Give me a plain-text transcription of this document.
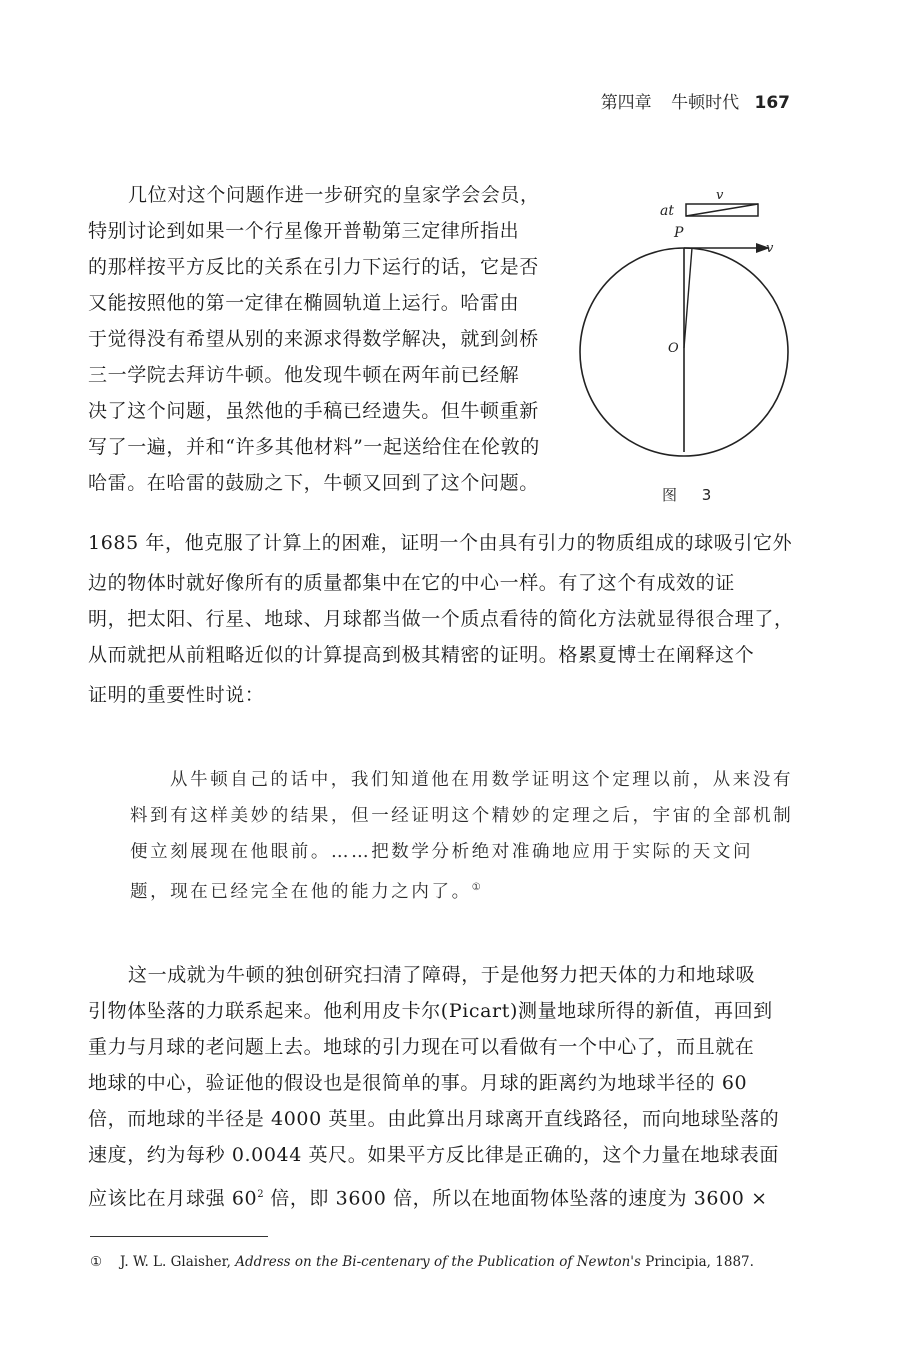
第四章 牛顿时代 167
几位对这个问题作进一步研究的皇家学会会员，
特别讨论到如果一个行星像开普勒第三定律所指出
的那样按平方反比的关系在引力下运行的话，它是否
又能按照他的第一定律在椭圆轨道上运行。哈雷由
于觉得没有希望从别的来源求得数学解决，就到剑桥
三一学院去拜访牛顿。他发现牛顿在两年前已经解
决了这个问题，虽然他的手稿已经遗失。但牛顿重新
写了一遍，并和“许多其他材料”一起送给住在伦敦的
哈雷。在哈雷的鼓励之下，牛顿又回到了这个问题。
1685 年，他克服了计算上的困难，证明一个由具有引力的物质组成的球吸引它外
边的物体时就好像所有的质量都集中在它的中心一样。有了这个有成效的证
明，把太阳、行星、地球、月球都当做一个质点看待的简化方法就显得很合理了，
从而就把从前粗略近似的计算提高到极其精密的证明。格累夏博士在阐释这个
证明的重要性时说：
v
at
v
P
O
图 3
从牛顿自己的话中，我们知道他在用数学证明这个定理以前，从来没有
料到有这样美妙的结果，但一经证明这个精妙的定理之后，宇宙的全部机制
便立刻展现在他眼前。……把数学分析绝对准确地应用于实际的天文问
题，现在已经完全在他的能力之内了。①
这一成就为牛顿的独创研究扫清了障碍，于是他努力把天体的力和地球吸
引物体坠落的力联系起来。他利用皮卡尔(Picart)测量地球所得的新值，再回到
重力与月球的老问题上去。地球的引力现在可以看做有一个中心了，而且就在
地球的中心，验证他的假设也是很简单的事。月球的距离约为地球半径的 60
倍，而地球的半径是 4000 英里。由此算出月球离开直线路径，而向地球坠落的
速度，约为每秒 0.0044 英尺。如果平方反比律是正确的，这个力量在地球表面
应该比在月球强 $60^2$ 倍，即 3600 倍，所以在地面物体坠落的速度为 3600 ×
① J. W. L. Glaisher, Address on the Bi-centenary of the Publication of Newton's Principia, 1887.
